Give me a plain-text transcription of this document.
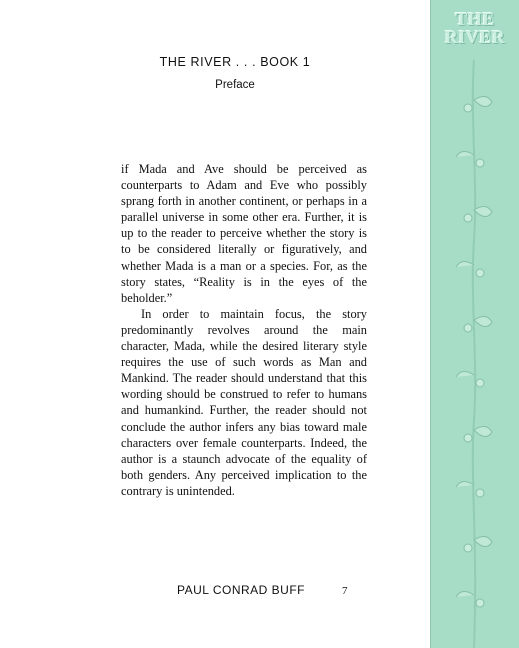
THE RIVER . . . BOOK 1
Preface

if Mada and Ave should be perceived as counterparts to Adam and Eve who possibly sprang forth in another continent, or perhaps in a parallel universe in some other era. Further, it is up to the reader to perceive whether the story is to be considered literally or figuratively, and whether Mada is a man or a species. For, as the story states, “Reality is in the eyes of the beholder.”

In order to maintain focus, the story predominantly revolves around the main character, Mada, while the desired literary style requires the use of such words as Man and Mankind. The reader should understand that this wording should be construed to refer to humans and humankind. Further, the reader should not conclude the author infers any bias toward male characters over female counterparts. Indeed, the author is a staunch advocate of the equality of both genders. Any perceived implication to the contrary is unintended.

PAUL CONRAD BUFF	7
THE
RIVER
